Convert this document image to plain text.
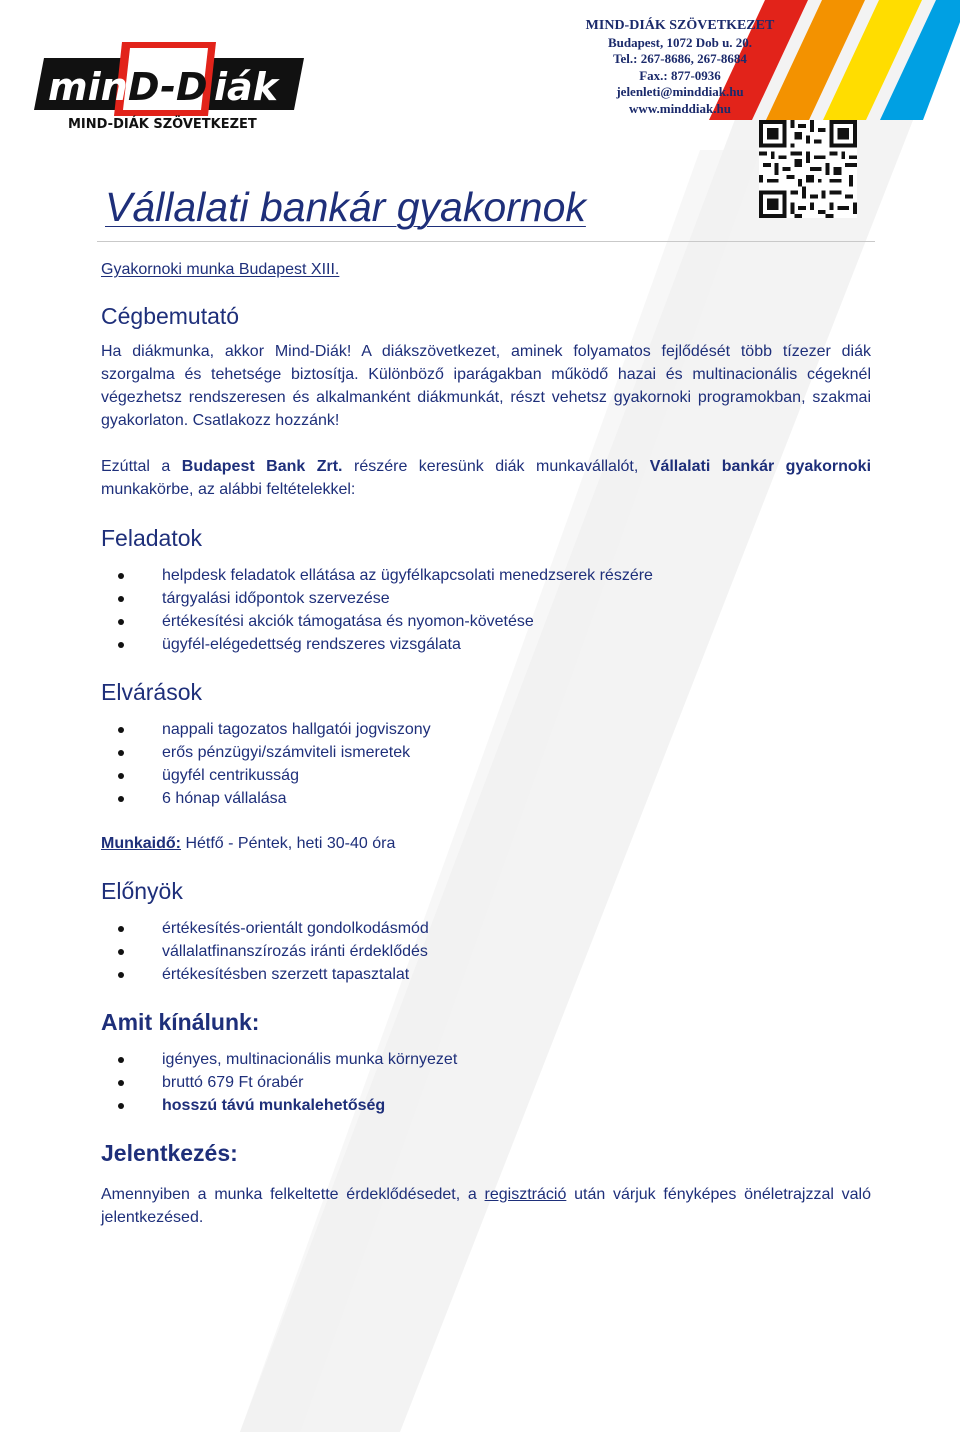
min D-D iák
MIND-DIÁK SZÖVETKEZET
MIND-DIÁK SZÖVETKEZET
Budapest, 1072 Dob u. 20.
Tel.: 267-8686, 267-8684
Fax.: 877-0936
jelenleti@minddiak.hu
www.minddiak.hu
Vállalati bankár gyakornok
Gyakornoki munka Budapest XIII.
Cégbemutató

Ha diákmunka, akkor Mind-Diák! A diákszövetkezet, aminek folyamatos fejlődését több tízezer diák szorgalma és tehetsége biztosítja. Különböző iparágakban működő hazai és multinacionális cégeknél végezhetsz rendszeresen és alkalmanként diákmunkát, részt vehetsz gyakornoki programokban, szakmai gyakorlaton. Csatlakozz hozzánk!

Ezúttal a Budapest Bank Zrt. részére keresünk diák munkavállalót, Vállalati bankár gyakornoki munkakörbe, az alábbi feltételekkel:

Feladatok
helpdesk feladatok ellátása az ügyfélkapcsolati menedzserek részére
tárgyalási időpontok szervezése
értékesítési akciók támogatása és nyomon-követése
ügyfél-elégedettség rendszeres vizsgálata
Elvárások
nappali tagozatos hallgatói jogviszony
erős pénzügyi/számviteli ismeretek
ügyfél centrikusság
6 hónap vállalása
Munkaidő: Hétfő - Péntek, heti 30-40 óra
Előnyök
értékesítés-orientált gondolkodásmód
vállalatfinanszírozás iránti érdeklődés
értékesítésben szerzett tapasztalat
Amit kínálunk:
igényes, multinacionális munka környezet
bruttó 679 Ft órabér
hosszú távú munkalehetőség
Jelentkezés:

Amennyiben a munka felkeltette érdeklődésedet, a regisztráció után várjuk fényképes önéletrajzzal való jelentkezésed.
